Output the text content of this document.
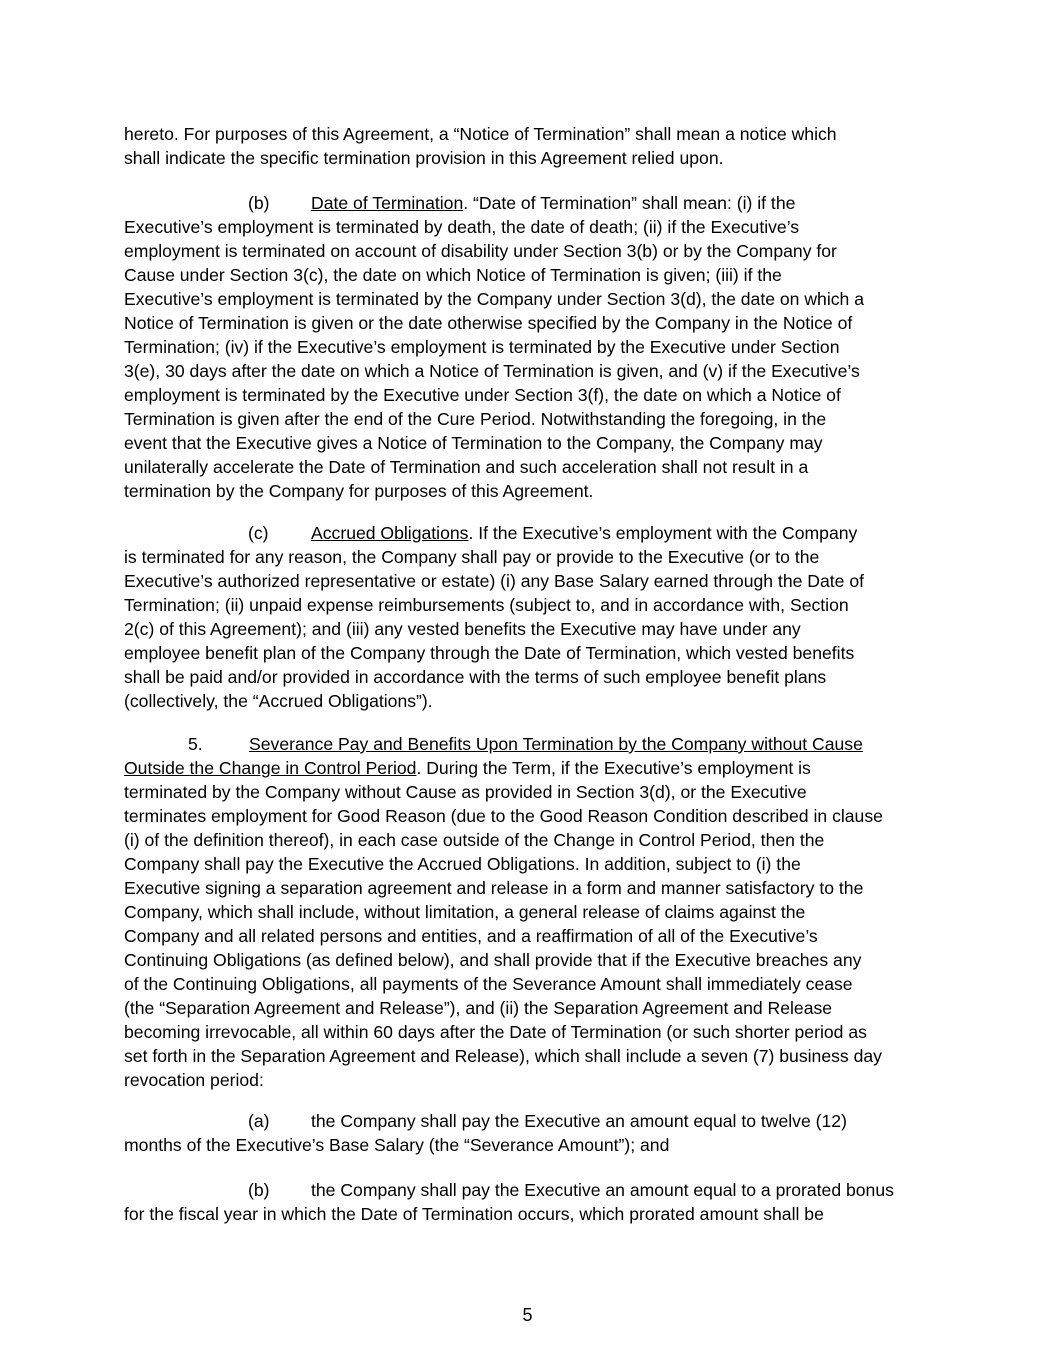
hereto. For purposes of this Agreement, a “Notice of Termination” shall mean a notice which
shall indicate the specific termination provision in this Agreement relied upon.
(b) Date of Termination. “Date of Termination” shall mean: (i) if the
Executive’s employment is terminated by death, the date of death; (ii) if the Executive’s
employment is terminated on account of disability under Section 3(b) or by the Company for
Cause under Section 3(c), the date on which Notice of Termination is given; (iii) if the
Executive’s employment is terminated by the Company under Section 3(d), the date on which a
Notice of Termination is given or the date otherwise specified by the Company in the Notice of
Termination; (iv) if the Executive’s employment is terminated by the Executive under Section
3(e), 30 days after the date on which a Notice of Termination is given, and (v) if the Executive’s
employment is terminated by the Executive under Section 3(f), the date on which a Notice of
Termination is given after the end of the Cure Period. Notwithstanding the foregoing, in the
event that the Executive gives a Notice of Termination to the Company, the Company may
unilaterally accelerate the Date of Termination and such acceleration shall not result in a
termination by the Company for purposes of this Agreement.
(c) Accrued Obligations. If the Executive’s employment with the Company
is terminated for any reason, the Company shall pay or provide to the Executive (or to the
Executive’s authorized representative or estate) (i) any Base Salary earned through the Date of
Termination; (ii) unpaid expense reimbursements (subject to, and in accordance with, Section
2(c) of this Agreement); and (iii) any vested benefits the Executive may have under any
employee benefit plan of the Company through the Date of Termination, which vested benefits
shall be paid and/or provided in accordance with the terms of such employee benefit plans
(collectively, the “Accrued Obligations”).
5.	Severance Pay and Benefits Upon Termination by the Company without Cause
Outside the Change in Control Period. During the Term, if the Executive’s employment is
terminated by the Company without Cause as provided in Section 3(d), or the Executive
terminates employment for Good Reason (due to the Good Reason Condition described in clause
(i) of the definition thereof), in each case outside of the Change in Control Period, then the
Company shall pay the Executive the Accrued Obligations. In addition, subject to (i) the
Executive signing a separation agreement and release in a form and manner satisfactory to the
Company, which shall include, without limitation, a general release of claims against the
Company and all related persons and entities, and a reaffirmation of all of the Executive’s
Continuing Obligations (as defined below), and shall provide that if the Executive breaches any
of the Continuing Obligations, all payments of the Severance Amount shall immediately cease
(the “Separation Agreement and Release”), and (ii) the Separation Agreement and Release
becoming irrevocable, all within 60 days after the Date of Termination (or such shorter period as
set forth in the Separation Agreement and Release), which shall include a seven (7) business day
revocation period:
(a) the Company shall pay the Executive an amount equal to twelve (12)
months of the Executive’s Base Salary (the “Severance Amount”); and
(b) the Company shall pay the Executive an amount equal to a prorated bonus
for the fiscal year in which the Date of Termination occurs, which prorated amount shall be
5
